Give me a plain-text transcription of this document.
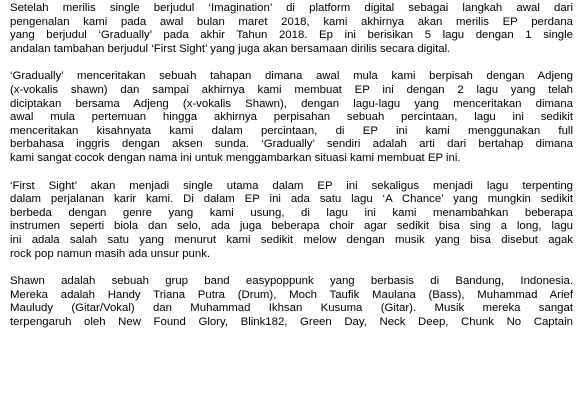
Setelah merilis single berjudul ‘Imagination’ di platform digital sebagai langkah awal dari
pengenalan kami pada awal bulan maret 2018, kami akhirnya akan merilis EP perdana
yang berjudul ‘Gradually’ pada akhir Tahun 2018. Ep ini berisikan 5 lagu dengan 1 single
andalan tambahan berjudul ‘First Sight’ yang juga akan bersamaan dirilis secara digital.
‘Gradually’ menceritakan sebuah tahapan dimana awal mula kami berpisah dengan Adjeng
(x-vokalis shawn) dan sampai akhirnya kami membuat EP ini dengan 2 lagu yang telah
diciptakan bersama Adjeng (x-vokalis Shawn), dengan lagu-lagu yang menceritakan dimana
awal mula pertemuan hingga akhirnya perpisahan sebuah percintaan, lagu ini sedikit
menceritakan kisahnyata kami dalam percintaan, di EP ini kami menggunakan full
berbahasa inggris dengan aksen sunda. ‘Gradually’ sendiri adalah arti dari bertahap dimana
kami sangat cocok dengan nama ini untuk menggambarkan situasi kami membuat EP ini.
‘First Sight’ akan menjadi single utama dalam EP ini sekaligus menjadi lagu terpenting
dalam perjalanan karir kami. Di dalam EP ini ada satu lagu ‘A Chance’ yang mungkin sedikit
berbeda dengan genre yang kami usung, di lagu ini kami menambahkan beberapa
instrumen seperti biola dan selo, ada juga beberapa choir agar sedikit bisa sing a long, lagu
ini adala salah satu yang menurut kami sedikit melow dengan musik yang bisa disebut agak
rock pop namun masih ada unsur punk.
Shawn adalah sebuah grup band easypoppunk yang berbasis di Bandung, Indonesia.
Mereka adalah Handy Triana Putra (Drum), Moch Taufik Maulana (Bass), Muhammad Arief
Mauludy (Gitar/Vokal) dan Muhammad Ikhsan Kusuma (Gitar). Musik mereka sangat
terpengaruh oleh New Found Glory, Blink182, Green Day, Neck Deep, Chunk No Captain
